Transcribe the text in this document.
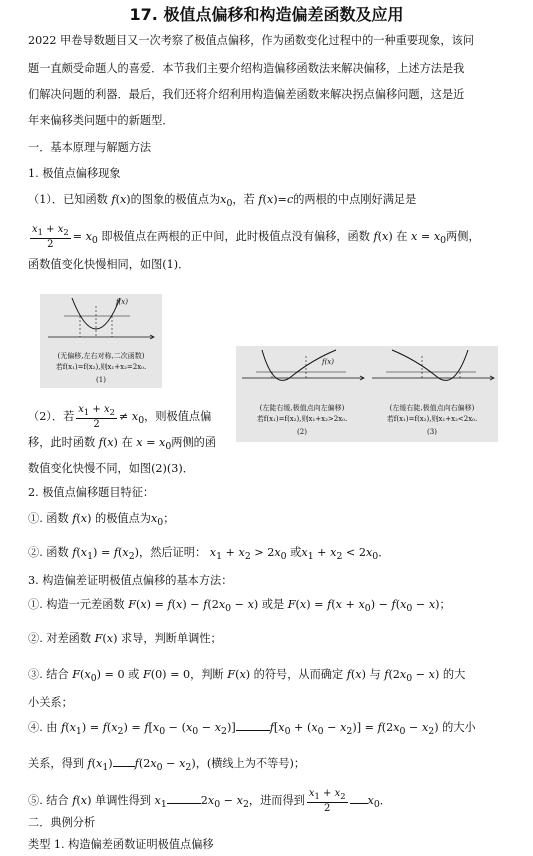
17. 极值点偏移和构造偏差函数及应用
2022 甲卷导数题目又一次考察了极值点偏移，作为函数变化过程中的一种重要现象，该问
题一直颇受命题人的喜爱．本节我们主要介绍构造偏移函数法来解决偏移，上述方法是我
们解决问题的利器．最后，我们还将介绍利用构造偏差函数来解决拐点偏移问题，这是近
年来偏移类问题中的新题型．
一．基本原理与解题方法
1. 极值点偏移现象
（1）．已知函数 f(x)的图象的极值点为$x_0$，若 f(x)=c的两根的中点刚好满足是
$\frac{x_1 + x_2}{2} = x_0$ 即极值点在两根的正中间，此时极值点没有偏移，函数 f(x) 在 $x = x_0$两侧，
函数值变化快慢相同，如图(1)．
f(x)
(无偏移,左右对称,二次函数)
若f(x₁)=f(x₂),则x₁+x₂=2x₀.
(1)
f(x)
(左陡右缓,极值点向左偏移)
若f(x₁)=f(x₂),则x₁+x₂>2x₀.
(2)
(左缓右陡,极值点向右偏移)
若f(x₁)=f(x₂),则x₁+x₂<2x₀.
(3)
（2）．若 $\frac{x_1 + x_2}{2} \ne x_0$，则极值点偏
移，此时函数 f(x) 在 $x = x_0$两侧的函
数值变化快慢不同，如图(2)(3)．
2. 极值点偏移题目特征：
①. 函数 f(x) 的极值点为$x_0$；
②. 函数 $f(x_1) = f(x_2)$，然后证明： $x_1 + x_2 > 2x_0$ 或$x_1 + x_2 < 2x_0$．
3. 构造偏差证明极值点偏移的基本方法：
①. 构造一元差函数 $F(x) = f(x) - f(2x_0 - x)$ 或是 $F(x) = f(x + x_0) - f(x_0 - x)$；
②. 对差函数 F(x) 求导，判断单调性；
③. 结合 $F(x_0) = 0$ 或 F(0) = 0，判断 F(x) 的符号，从而确定 f(x) 与 $f(2x_0 - x)$ 的大
小关系；
④. 由 $f(x_1) = f(x_2) = f[x_0 - (x_0 - x_2)]$	$f[x_0 + (x_0 - x_2)] = f(2x_0 - x_2)$ 的大小
关系，得到 $f(x_1) f(2x_0 - x_2)$，(横线上为不等号)；
⑤. 结合 f(x) 单调性得到 $x_1$	$2x_0 - x_2$，进而得到 $\frac{x_1 + x_2}{2} x_0$．
二．典例分析
类型 1. 构造偏差函数证明极值点偏移
